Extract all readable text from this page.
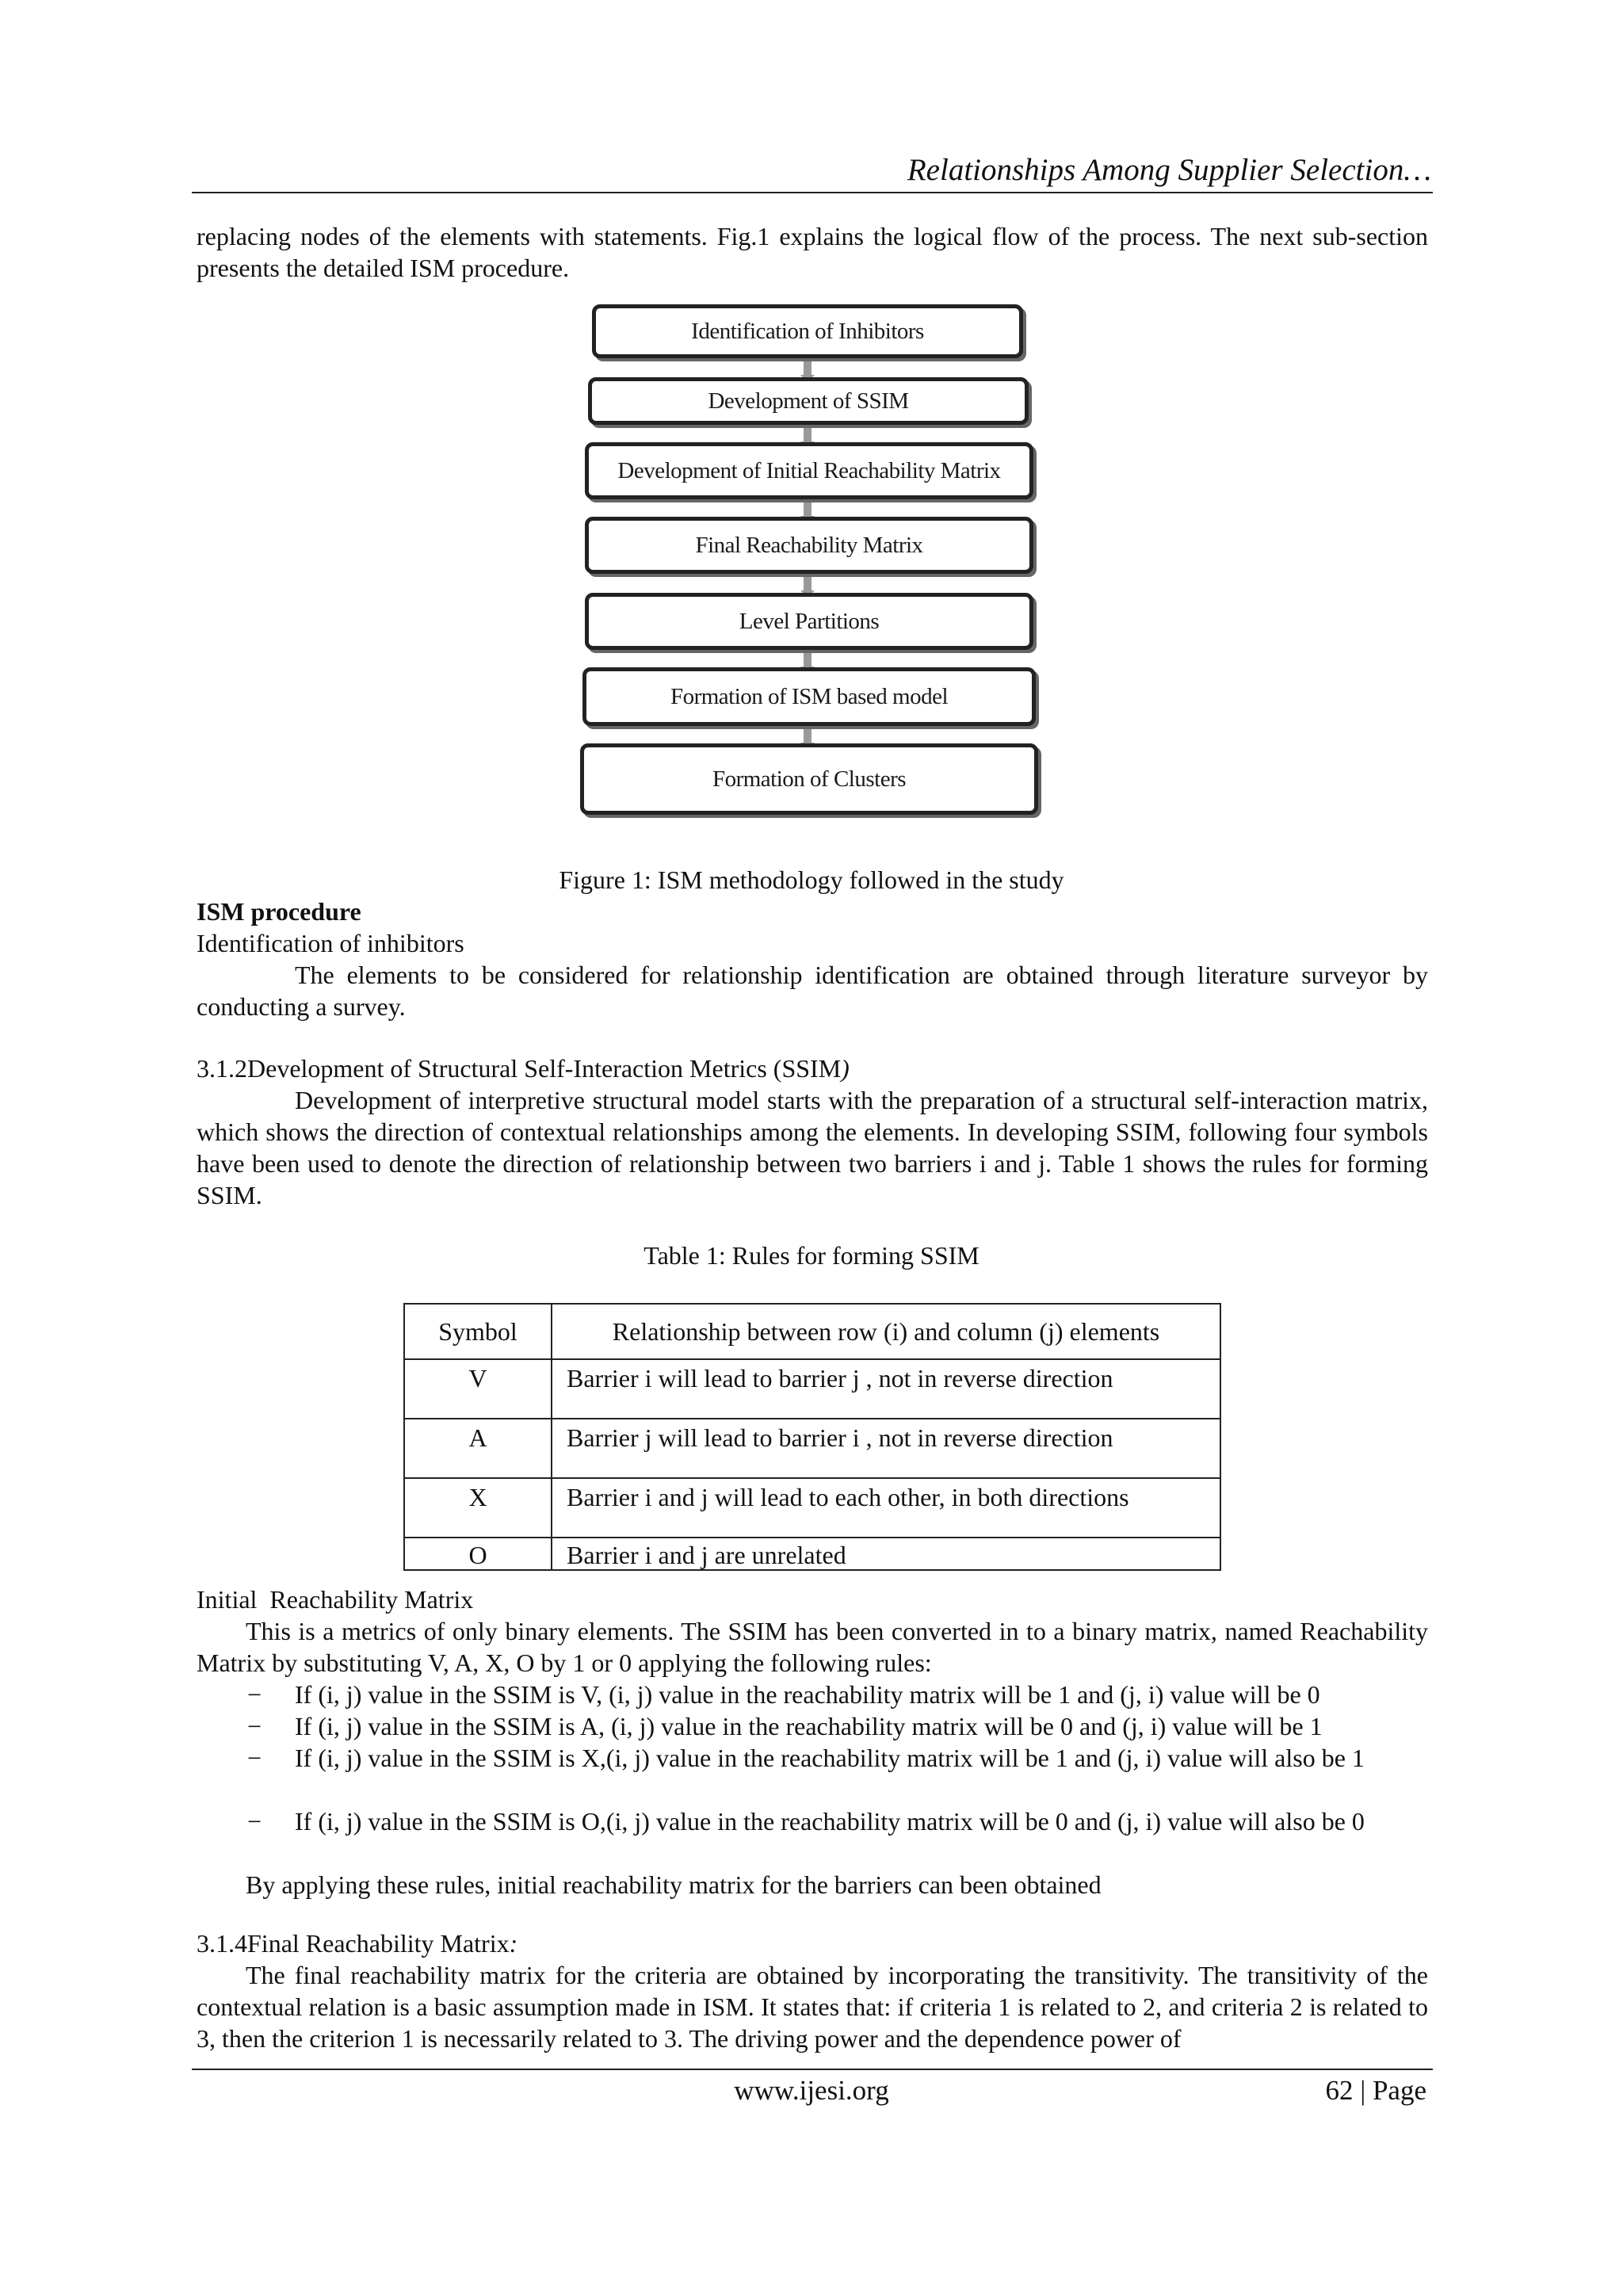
Relationships Among Supplier Selection…
replacing nodes of the elements with statements. Fig.1 explains the logical flow of the process. The next sub-section presents the detailed ISM procedure.
Identification of Inhibitors
Development of SSIM
Development of Initial Reachability Matrix
Final Reachability Matrix
Level Partitions
Formation of ISM based model
Formation of Clusters
Figure 1: ISM methodology followed in the study
ISM procedure
Identification of inhibitors
The elements to be considered for relationship identification are obtained through literature surveyor by conducting a survey.
3.1.2Development of Structural Self-Interaction Metrics (SSIM)
Development of interpretive structural model starts with the preparation of a structural self-interaction matrix, which shows the direction of contextual relationships among the elements. In developing SSIM, following four symbols have been used to denote the direction of relationship between two barriers i and j. Table 1 shows the rules for forming SSIM.
Table 1: Rules for forming SSIM
Symbol	Relationship between row (i) and column (j) elements
V	Barrier i will lead to barrier j , not in reverse direction
A	Barrier j will lead to barrier i , not in reverse direction
X	Barrier i and j will lead to each other, in both directions
O	Barrier i and j are unrelated
Initial  Reachability Matrix
This is a metrics of only binary elements. The SSIM has been converted in to a binary matrix, named Reachability Matrix by substituting V, A, X, O by 1 or 0 applying the following rules:
− If (i, j) value in the SSIM is V, (i, j) value in the reachability matrix will be 1 and (j, i) value will be 0
− If (i, j) value in the SSIM is A, (i, j) value in the reachability matrix will be 0 and (j, i) value will be 1
− If (i, j) value in the SSIM is X,(i, j) value in the reachability matrix will be 1 and (j, i) value will also be 1
− If (i, j) value in the SSIM is O,(i, j) value in the reachability matrix will be 0 and (j, i) value will also be 0
By applying these rules, initial reachability matrix for the barriers can been obtained
3.1.4Final Reachability Matrix:
The final reachability matrix for the criteria are obtained by incorporating the transitivity. The transitivity of the contextual relation is a basic assumption made in ISM. It states that: if criteria 1 is related to 2, and criteria 2 is related to 3, then the criterion 1 is necessarily related to 3. The driving power and the dependence power of
www.ijesi.org	62 | Page
